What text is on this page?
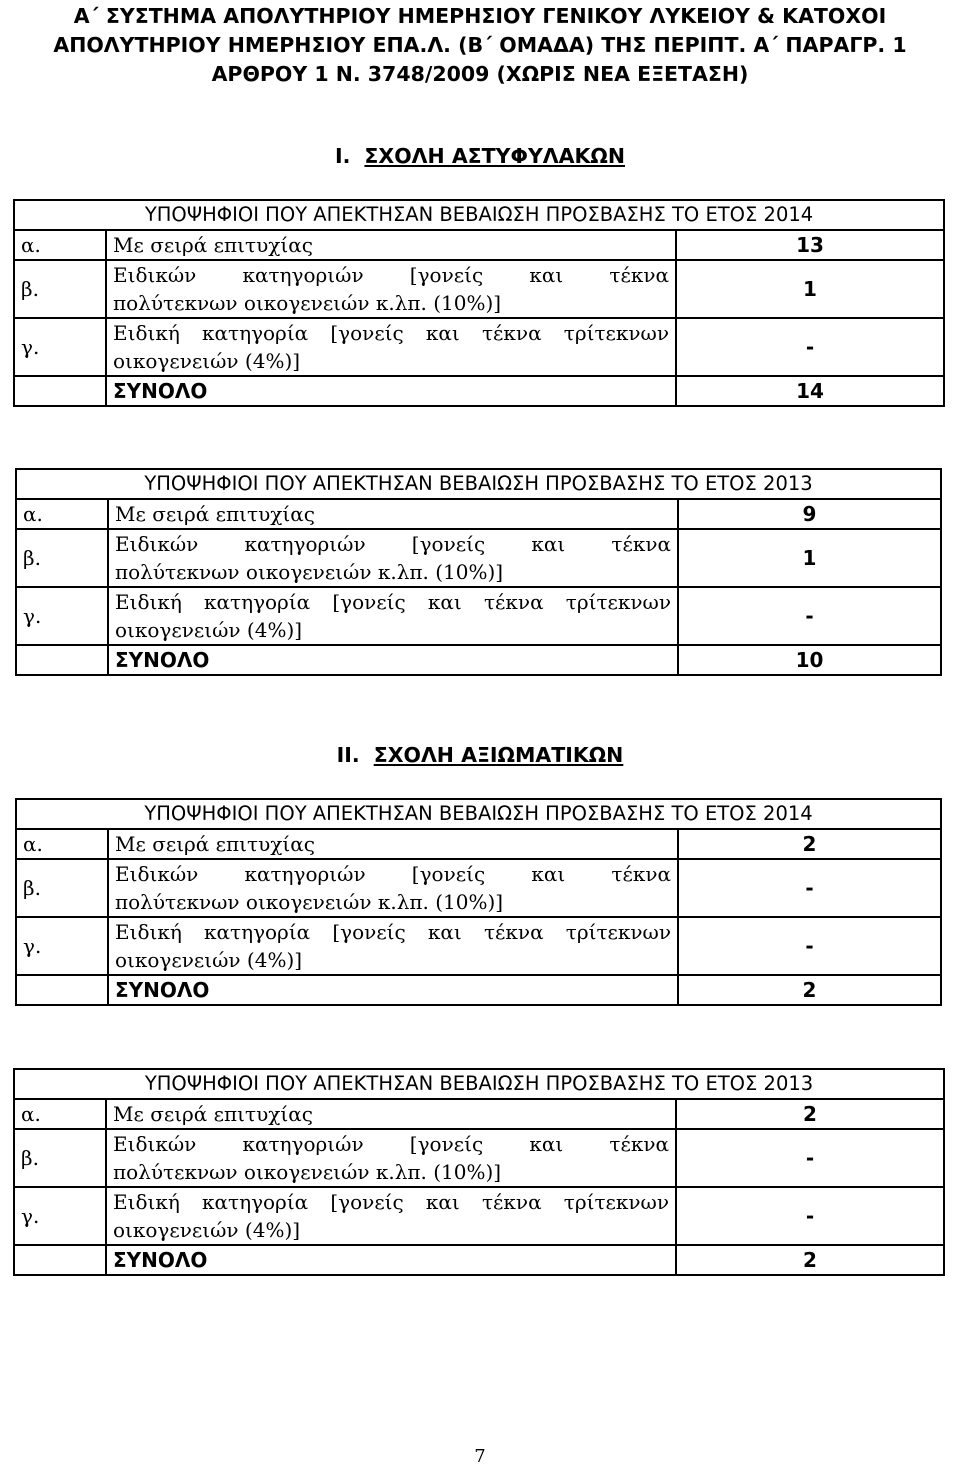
Α΄ ΣΥΣΤΗΜΑ ΑΠΟΛΥΤΗΡΙΟΥ ΗΜΕΡΗΣΙΟΥ ΓΕΝΙΚΟΥ ΛΥΚΕΙΟΥ & ΚΑΤΟΧΟΙ
ΑΠΟΛΥΤΗΡΙΟΥ ΗΜΕΡΗΣΙΟΥ ΕΠΑ.Λ. (Β΄ ΟΜΑΔΑ) ΤΗΣ ΠΕΡΙΠΤ. Α΄ ΠΑΡΑΓΡ. 1
ΑΡΘΡΟΥ 1 Ν. 3748/2009 (ΧΩΡΙΣ ΝΕΑ ΕΞΕΤΑΣΗ)
I. ΣΧΟΛΗ ΑΣΤΥΦΥΛΑΚΩΝ
II. ΣΧΟΛΗ ΑΞΙΩΜΑΤΙΚΩΝ
ΥΠΟΨΗΦΙΟΙ ΠΟΥ ΑΠΕΚΤΗΣΑΝ ΒΕΒΑΙΩΣΗ ΠΡΟΣΒΑΣΗΣ ΤΟ ΕΤΟΣ 2014		
α.	Με σειρά επιτυχίας	13
β.	Ειδικών κατηγοριών [γονείς και τέκνα
πολύτεκνων οικογενειών κ.λπ. (10%)]	1
γ.	Ειδική κατηγορία [γονείς και τέκνα τρίτεκνων
οικογενειών (4%)]	-
	ΣΥΝΟΛΟ	14
ΥΠΟΨΗΦΙΟΙ ΠΟΥ ΑΠΕΚΤΗΣΑΝ ΒΕΒΑΙΩΣΗ ΠΡΟΣΒΑΣΗΣ ΤΟ ΕΤΟΣ 2013		
α.	Με σειρά επιτυχίας	9
β.	Ειδικών κατηγοριών [γονείς και τέκνα
πολύτεκνων οικογενειών κ.λπ. (10%)]	1
γ.	Ειδική κατηγορία [γονείς και τέκνα τρίτεκνων
οικογενειών (4%)]	-
	ΣΥΝΟΛΟ	10
ΥΠΟΨΗΦΙΟΙ ΠΟΥ ΑΠΕΚΤΗΣΑΝ ΒΕΒΑΙΩΣΗ ΠΡΟΣΒΑΣΗΣ ΤΟ ΕΤΟΣ 2014		
α.	Με σειρά επιτυχίας	2
β.	Ειδικών κατηγοριών [γονείς και τέκνα
πολύτεκνων οικογενειών κ.λπ. (10%)]	-
γ.	Ειδική κατηγορία [γονείς και τέκνα τρίτεκνων
οικογενειών (4%)]	-
	ΣΥΝΟΛΟ	2
ΥΠΟΨΗΦΙΟΙ ΠΟΥ ΑΠΕΚΤΗΣΑΝ ΒΕΒΑΙΩΣΗ ΠΡΟΣΒΑΣΗΣ ΤΟ ΕΤΟΣ 2013		
α.	Με σειρά επιτυχίας	2
β.	Ειδικών κατηγοριών [γονείς και τέκνα
πολύτεκνων οικογενειών κ.λπ. (10%)]	-
γ.	Ειδική κατηγορία [γονείς και τέκνα τρίτεκνων
οικογενειών (4%)]	-
	ΣΥΝΟΛΟ	2
7
